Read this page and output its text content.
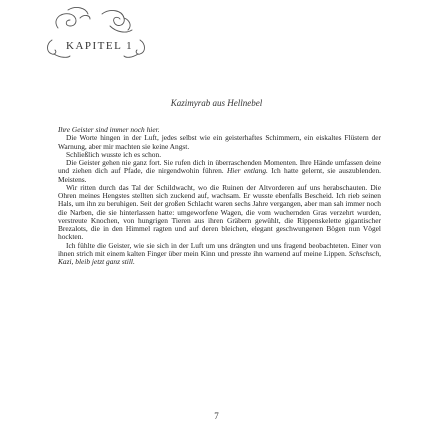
KAPITEL 1
Kazimyrab aus Hellnebel

Ihre Geister sind immer noch hier.

Die Worte hingen in der Luft, jedes selbst wie ein geisterhaftes Schimmern, ein eiskaltes Flüstern der Warnung, aber mir machten sie keine Angst.

Schließlich wusste ich es schon.

Die Geister gehen nie ganz fort. Sie rufen dich in überraschenden Momenten. Ihre Hände umfassen deine und ziehen dich auf Pfade, die nirgendwohin führen. Hier entlang. Ich hatte gelernt, sie auszublenden. Meistens.

Wir ritten durch das Tal der Schildwacht, wo die Ruinen der Altvorderen auf uns herabschauten. Die Ohren meines Hengstes stellten sich zuckend auf, wachsam. Er wusste ebenfalls Bescheid. Ich rieb seinen Hals, um ihn zu beruhigen. Seit der großen Schlacht waren sechs Jahre vergangen, aber man sah immer noch die Narben, die sie hinterlassen hatte: umgeworfene Wagen, die vom wuchernden Gras verzehrt wurden, verstreute Knochen, von hungrigen Tieren aus ihren Gräbern gewühlt, die Rippenskelette gigantischer Brezalots, die in den Himmel ragten und auf deren bleichen, elegant geschwungenen Bögen nun Vögel hockten.

Ich fühlte die Geister, wie sie sich in der Luft um uns drängten und uns fragend beobachteten. Einer von ihnen strich mit einem kalten Finger über mein Kinn und presste ihn warnend auf meine Lippen. Schschsch, Kazi, bleib jetzt ganz still.

7
